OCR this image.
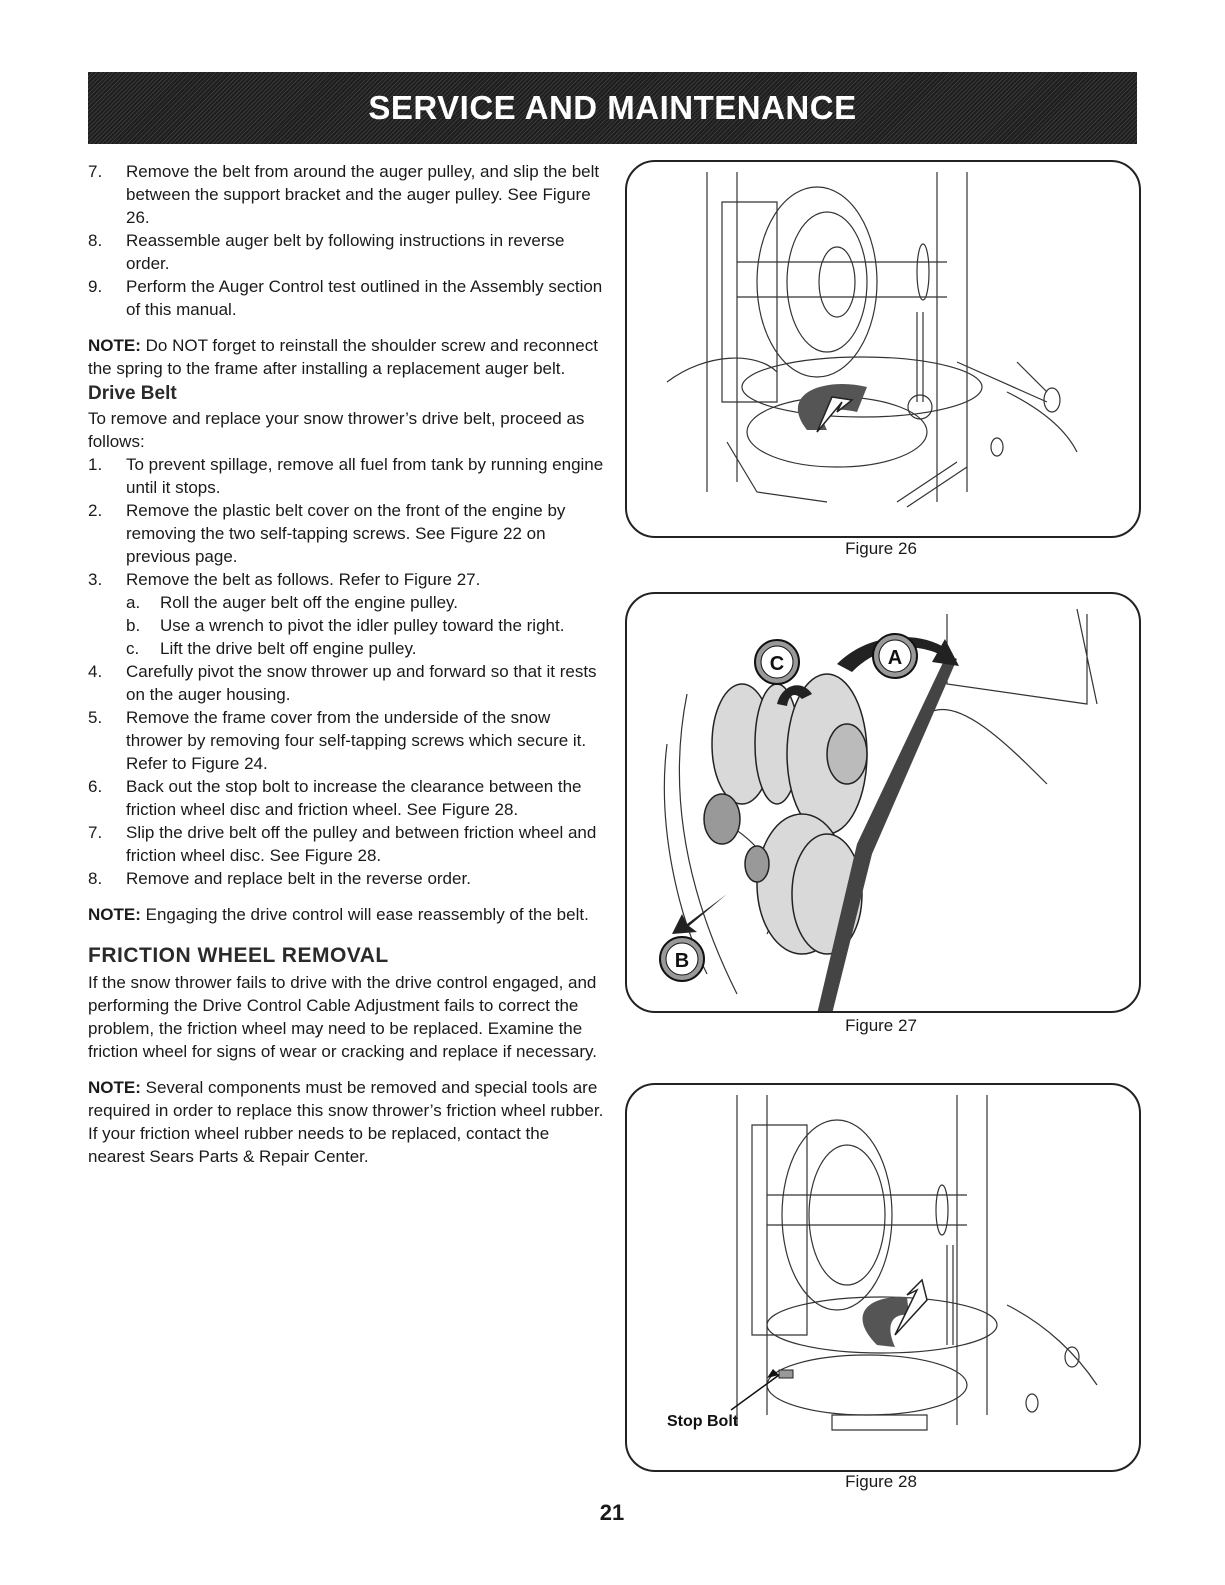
SERVICE AND MAINTENANCE
7.	Remove the belt from around the auger pulley, and slip the belt between the support bracket and the auger pulley. See Figure 26.
8.	Reassemble auger belt by following instructions in reverse order.
9.	Perform the Auger Control test outlined in the Assembly section of this manual.

NOTE: Do NOT forget to reinstall the shoulder screw and reconnect the spring to the frame after installing a replacement auger belt.

Drive Belt

To remove and replace your snow thrower’s drive belt, proceed as follows:

1.	To prevent spillage, remove all fuel from tank by running engine until it stops.
2.	Remove the plastic belt cover on the front of the engine by removing the two self-tapping screws. See Figure 22 on previous page.
3.	Remove the belt as follows. Refer to Figure 27.
a.	Roll the auger belt off the engine pulley.
b.	Use a wrench to pivot the idler pulley toward the right.
c.	Lift the drive belt off engine pulley.
4.	Carefully pivot the snow thrower up and forward so that it rests on the auger housing.
5.	Remove the frame cover from the underside of the snow thrower by removing four self-tapping screws which secure it. Refer to Figure 24.
6.	Back out the stop bolt to increase the clearance between the friction wheel disc and friction wheel. See Figure 28.
7.	Slip the drive belt off the pulley and between friction wheel and friction wheel disc. See Figure 28.
8.	Remove and replace belt in the reverse order.

NOTE: Engaging the drive control will ease reassembly of the belt.

FRICTION WHEEL REMOVAL

If the snow thrower fails to drive with the drive control engaged, and performing the Drive Control Cable Adjustment fails to correct the problem, the friction wheel may need to be replaced. Examine the friction wheel for signs of wear or cracking and replace if necessary.

NOTE: Several components must be removed and special tools are required in order to replace this snow thrower’s friction wheel rubber. If your friction wheel rubber needs to be replaced, contact the nearest Sears Parts & Repair Center.

Figure 26
C	A
B
Figure 27
Stop Bolt
Figure 28
21
